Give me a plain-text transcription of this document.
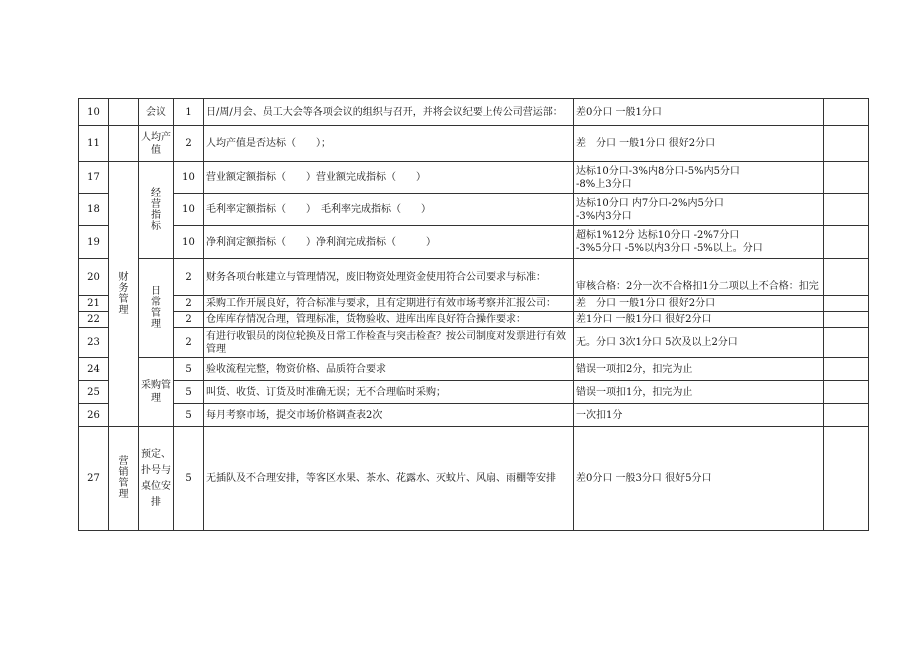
10		会议	1	日/周/月会、员工大会等各项会议的组织与召开，并将会议纪要上传公司营运部：	差0分口 一般1分口	

11		人均产值	2	人均产值是否达标（　　）；	差　分口 一般1分口 很好2分口	

17	财务管理	经营指标	10	营业额定额指标（　　）营业额完成指标（　　）	达标10分口-3%内8分口-5%内5分口
-8%上3分口	

18			10	毛利率定额指标（　　）　毛利率完成指标（　　）	达标10分口 内7分口-2%内5分口
-3%内3分口	

19			10	净利润定额指标（　　）净利润完成指标（　　　）	超标1%12分 达标10分口 -2%7分口
-3%5分口 -5%以内3分口 -5%以上。分口	

20		日常管理	2	财务各项台帐建立与管理情况，废旧物资处理资金使用符合公司要求与标准：	审核合格：2分一次不合格扣1分二项以上不合格：扣完	

21			2	采购工作开展良好，符合标准与要求，且有定期进行有效市场考察并汇报公司：	差　分口 一般1分口 很好2分口	

22			2	仓库库存情况合理，管理标准，货物验收、进库出库良好符合操作要求：	差1分口 一般1分口 很好2分口	

23			2	有进行收银员的岗位轮换及日常工作检查与突击检查？按公司制度对发票进行有效管理	无。分口 3次1分口 5次及以上2分口	

24		采购管理	5	验收流程完整，物资价格、品质符合要求	错误一项扣2分，扣完为止	

25			5	叫货、收货、订货及时准确无误；无不合理临时采购；	错误一项扣1分，扣完为止	

26			5	每月考察市场，提交市场价格调查表2次	一次扣1分	

27	营销管理	预定、扑号与桌位安排	5	无插队及不合理安排，等客区水果、茶水、花露水、灭蚊片、风扇、雨棚等安排	差0分口 一般3分口 很好5分口	
